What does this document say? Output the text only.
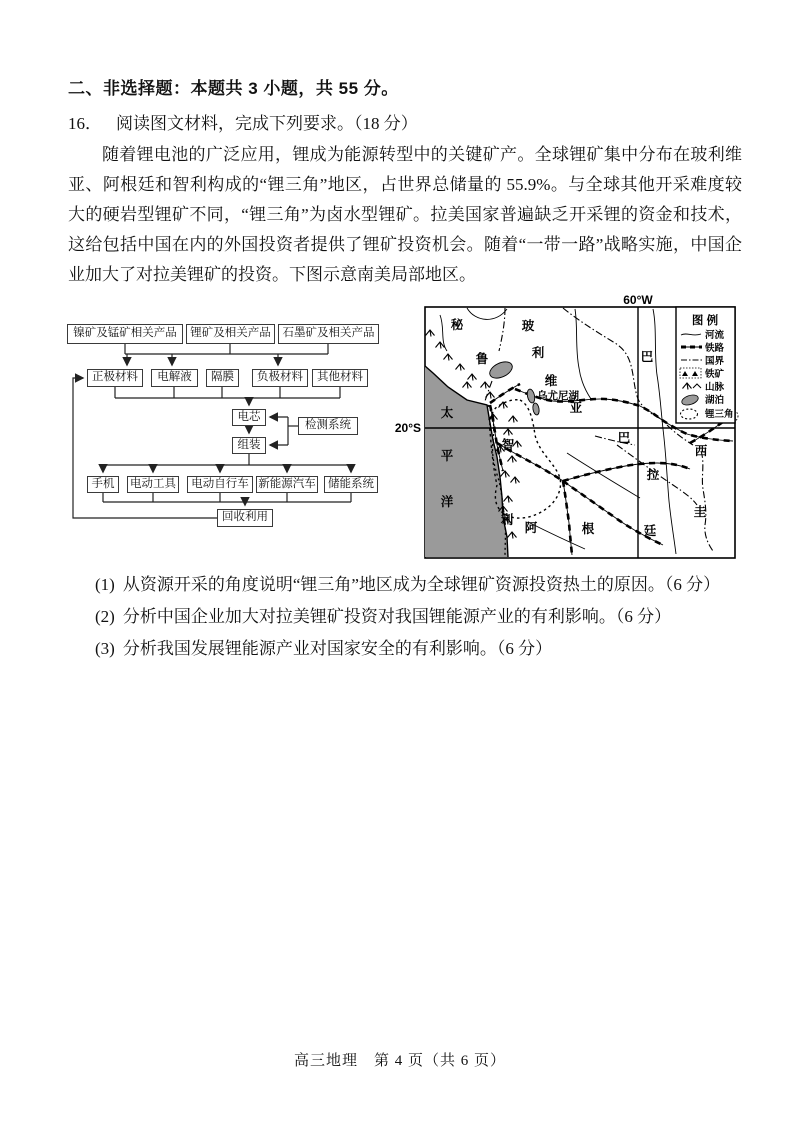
二、非选择题：本题共 3 小题，共 55 分。
16． 阅读图文材料，完成下列要求。（18 分）
随着锂电池的广泛应用，锂成为能源转型中的关键矿产。全球锂矿集中分布在玻利维亚、阿根廷和智利构成的“锂三角”地区，占世界总储量的 55.9%。与全球其他开采难度较大的硬岩型锂矿不同，“锂三角”为卤水型锂矿。拉美国家普遍缺乏开采锂的资金和技术，这给包括中国在内的外国投资者提供了锂矿投资机会。随着“一带一路”战略实施，中国企业加大了对拉美锂矿的投资。下图示意南美局部地区。
镍矿及锰矿相关产品	锂矿及相关产品	石墨矿及相关产品
正极材料	电解液	隔膜	负极材料	其他材料
电芯
检测系统
组装
手机	电动工具	电动自行车 新能源汽车	储能系统
回收利用
60°W
20°S
图 例
河流
铁路
国界
铁矿
山脉
湖泊
锂三角
秘
鲁
玻
利
维
亚
乌尤尼湖
太
平
洋
智
利
阿	根	廷
巴
西
巴
拉
圭
(1) 从资源开采的角度说明“锂三角”地区成为全球锂矿资源投资热土的原因。（6 分）
(2) 分析中国企业加大对拉美锂矿投资对我国锂能源产业的有利影响。（6 分）
(3) 分析我国发展锂能源产业对国家安全的有利影响。（6 分）
高三地理　第 4 页（共 6 页）
